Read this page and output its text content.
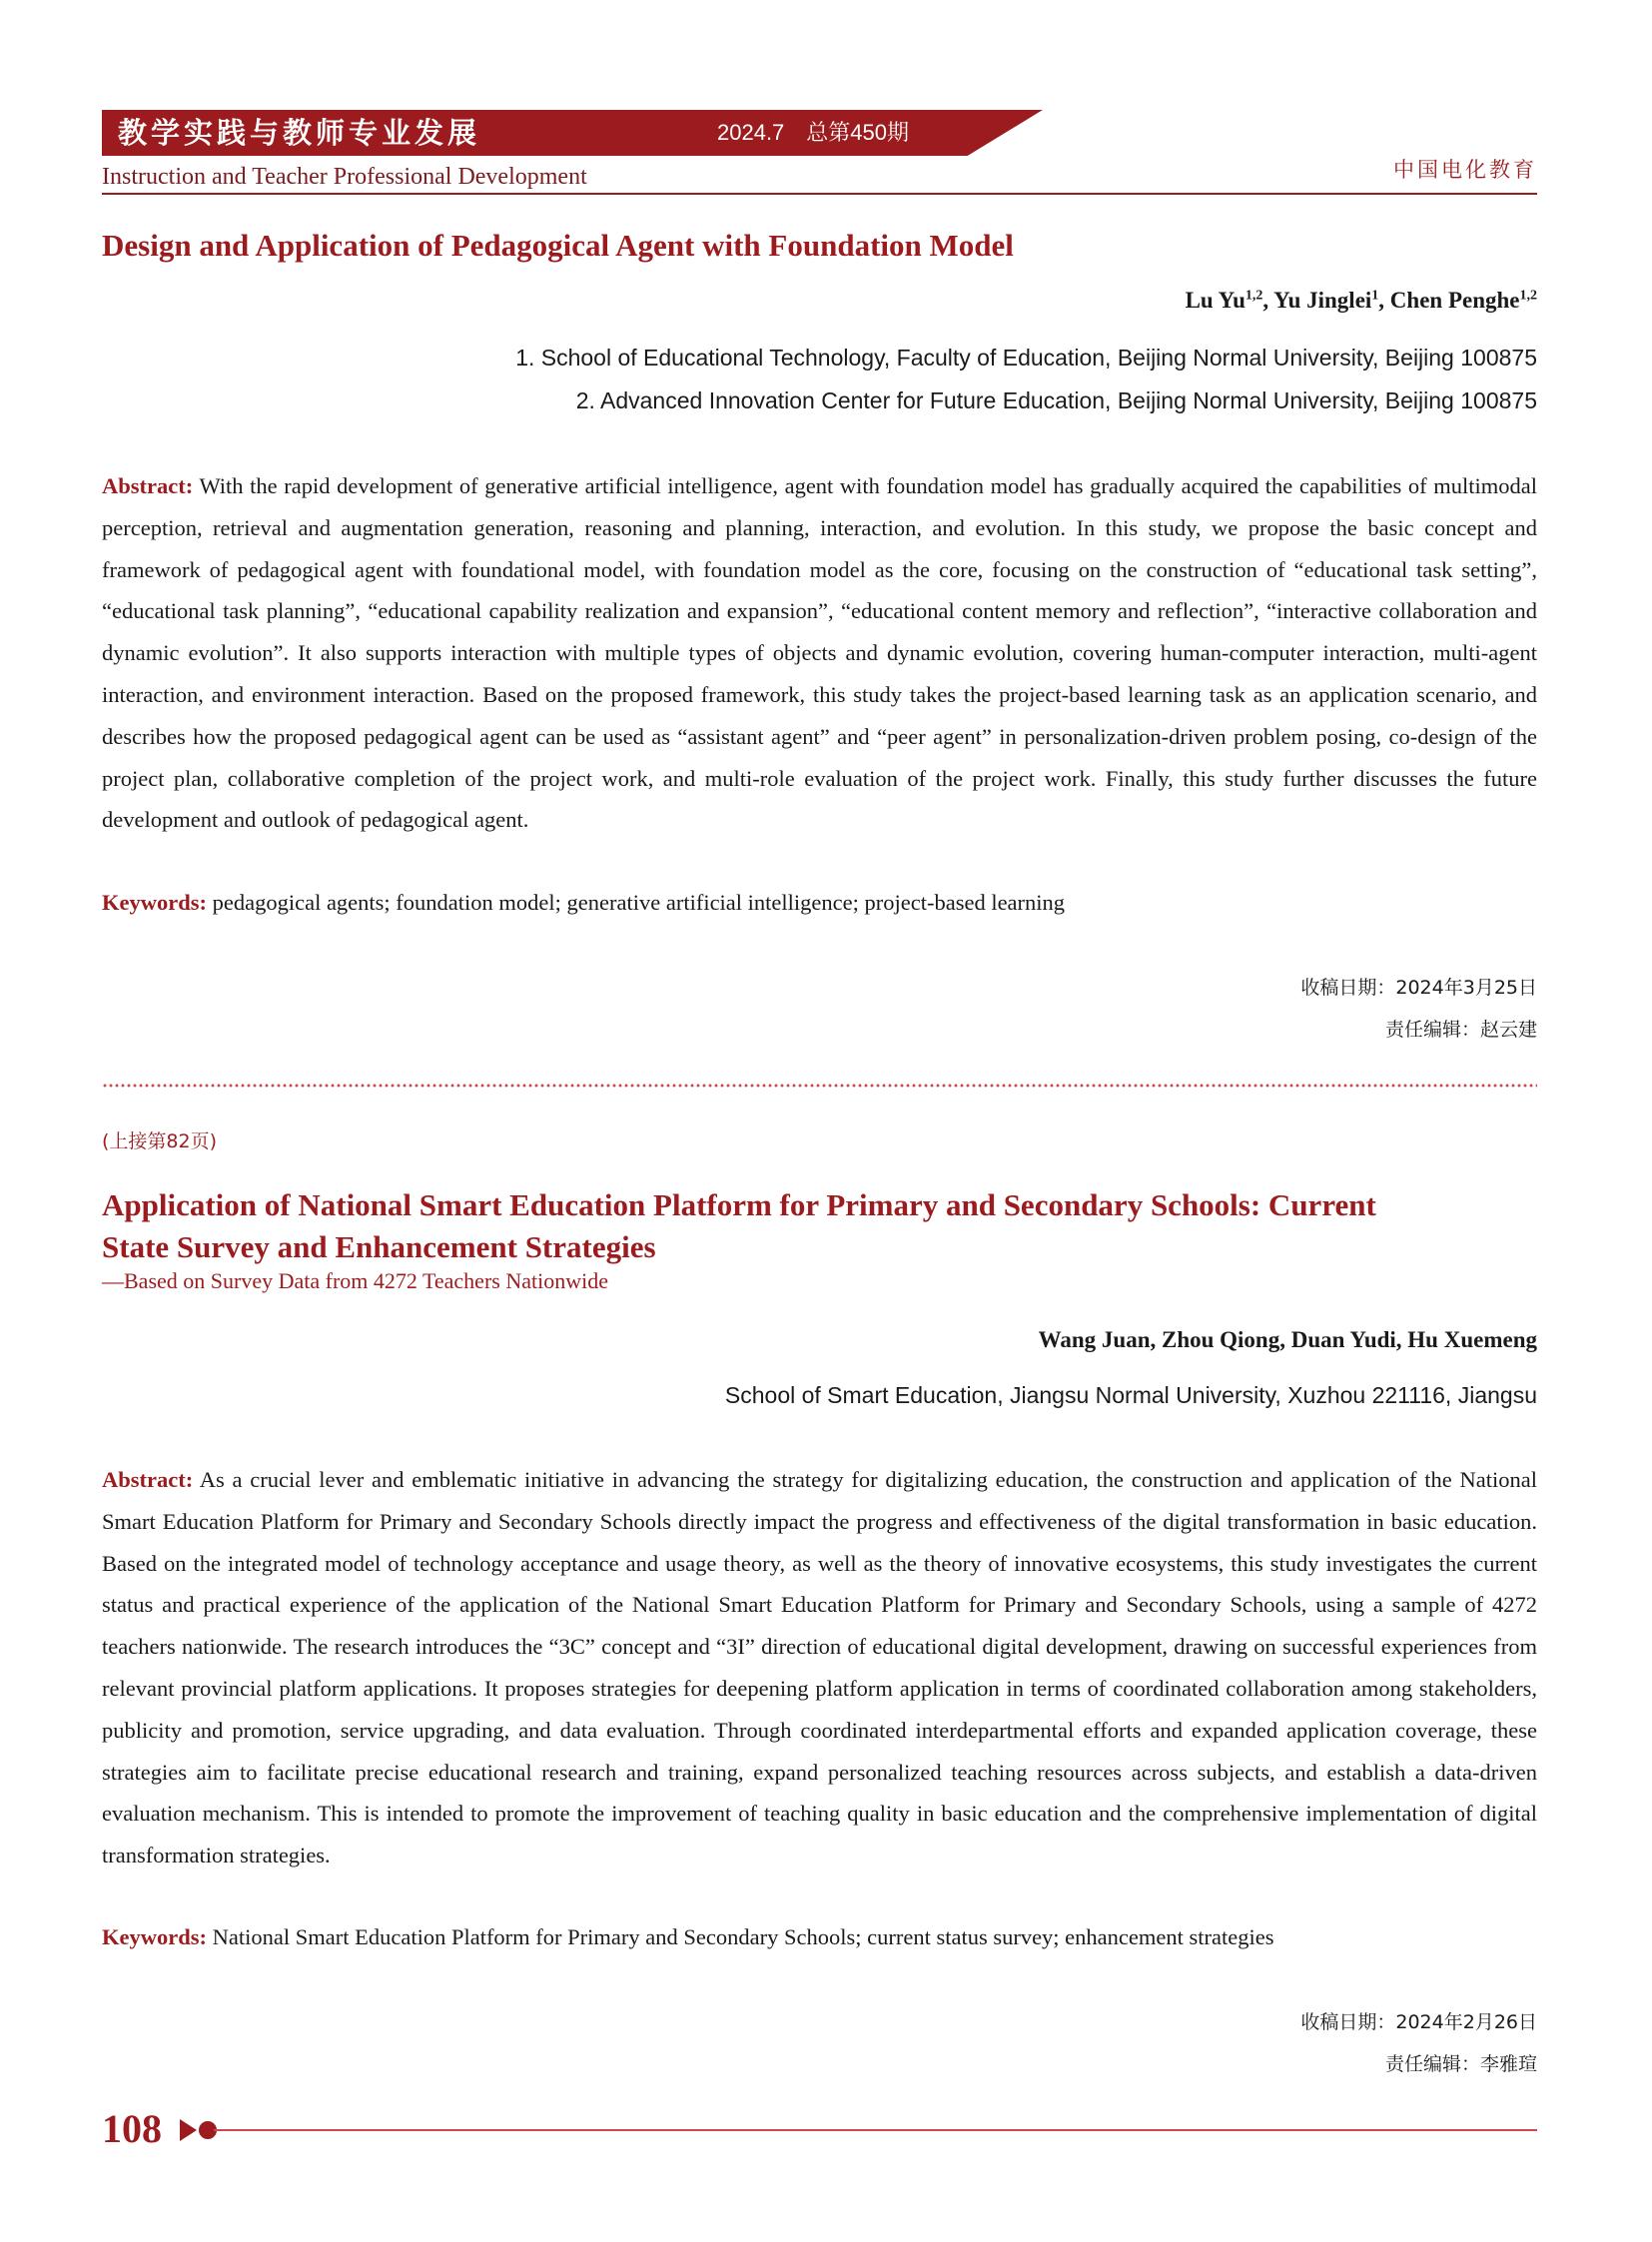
教学实践与教师专业发展	2024.7　总第450期
Instruction and Teacher Professional Development	中国电化教育
Design and Application of Pedagogical Agent with Foundation Model
Lu Yu$^{1,2}$, Yu Jinglei$^1$, Chen Penghe$^{1,2}$
1. School of Educational Technology, Faculty of Education, Beijing Normal University, Beijing 100875
2. Advanced Innovation Center for Future Education, Beijing Normal University, Beijing 100875

Abstract: With the rapid development of generative artificial intelligence, agent with foundation model has gradually acquired the capabilities of multimodal perception, retrieval and augmentation generation, reasoning and planning, interaction, and evolution. In this study, we propose the basic concept and framework of pedagogical agent with foundational model, with foundation model as the core, focusing on the construction of “educational task setting”, “educational task planning”, “educational capability realization and expansion”, “educational content memory and reflection”, “interactive collaboration and dynamic evolution”. It also supports interaction with multiple types of objects and dynamic evolution, covering human-computer interaction, multi-agent interaction, and environment interaction. Based on the proposed framework, this study takes the project-based learning task as an application scenario, and describes how the proposed pedagogical agent can be used as “assistant agent” and “peer agent” in personalization-driven problem posing, co-design of the project plan, collaborative completion of the project work, and multi-role evaluation of the project work. Finally, this study further discusses the future development and outlook of pedagogical agent.

Keywords: pedagogical agents; foundation model; generative artificial intelligence; project-based learning
收稿日期：2024年3月25日
责任编辑：赵云建
(上接第82页)
Application of National Smart Education Platform for Primary and Secondary Schools: Current
State Survey and Enhancement Strategies
—Based on Survey Data from 4272 Teachers Nationwide
Wang Juan, Zhou Qiong, Duan Yudi, Hu Xuemeng
School of Smart Education, Jiangsu Normal University, Xuzhou 221116, Jiangsu

Abstract: As a crucial lever and emblematic initiative in advancing the strategy for digitalizing education, the construction and application of the National Smart Education Platform for Primary and Secondary Schools directly impact the progress and effectiveness of the digital transformation in basic education. Based on the integrated model of technology acceptance and usage theory, as well as the theory of innovative ecosystems, this study investigates the current status and practical experience of the application of the National Smart Education Platform for Primary and Secondary Schools, using a sample of 4272 teachers nationwide. The research introduces the “3C” concept and “3I” direction of educational digital development, drawing on successful experiences from relevant provincial platform applications. It proposes strategies for deepening platform application in terms of coordinated collaboration among stakeholders, publicity and promotion, service upgrading, and data evaluation. Through coordinated interdepartmental efforts and expanded application coverage, these strategies aim to facilitate precise educational research and training, expand personalized teaching resources across subjects, and establish a data-driven evaluation mechanism. This is intended to promote the improvement of teaching quality in basic education and the comprehensive implementation of digital transformation strategies.

Keywords: National Smart Education Platform for Primary and Secondary Schools; current status survey; enhancement strategies
收稿日期：2024年2月26日
责任编辑：李雅瑄
108
